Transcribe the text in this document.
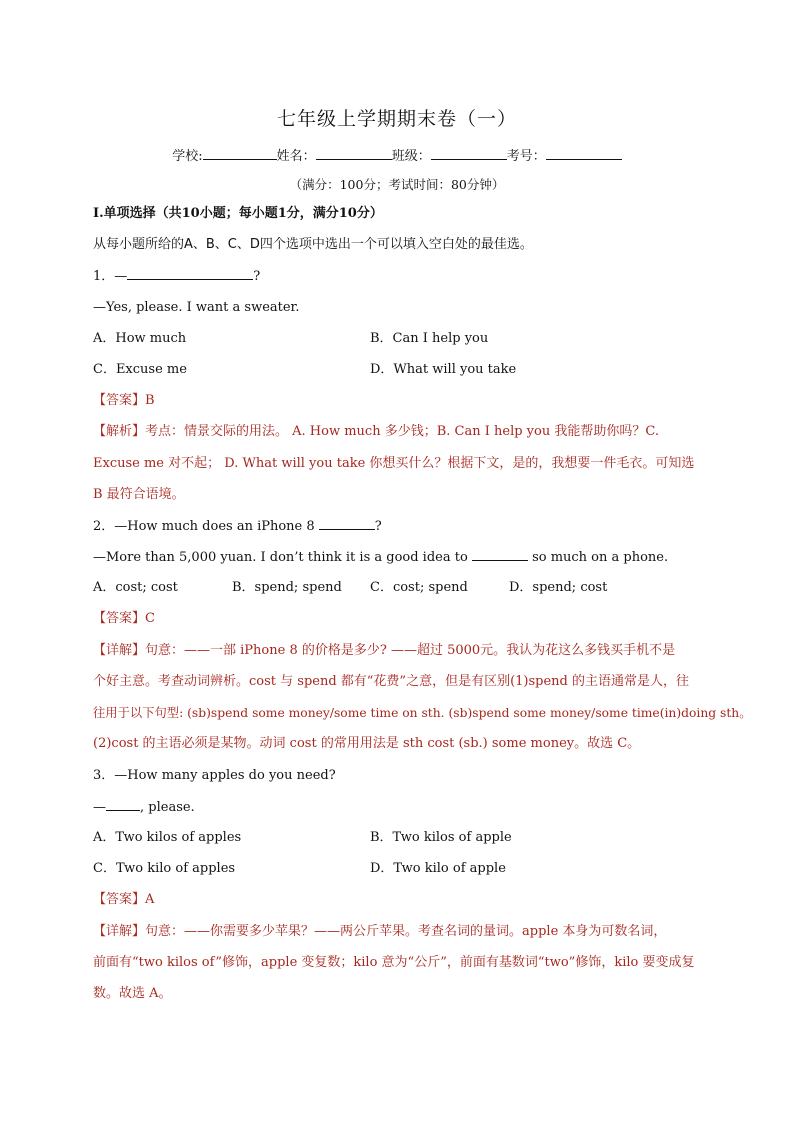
七年级上学期期末卷（一）
学校:	姓名：	班级：	考号：
（满分：100分；考试时间：80分钟）
I.单项选择（共10小题；每小题1分，满分10分）
从每小题所给的A、B、C、D四个选项中选出一个可以填入空白处的最佳选。
1．—	?
—Yes, please. I want a sweater.
A．How much	B．Can I help you
C．Excuse me	D．What will you take
【答案】B
【解析】考点：情景交际的用法。 A. How much 多少钱；B. Can I help you 我能帮助你吗？C.
Excuse me 对不起； D. What will you take 你想买什么？根据下文，是的，我想要一件毛衣。可知选
B 最符合语境。
2．—How much does an iPhone 8	?
—More than 5,000 yuan. I don’t think it is a good idea to	so much on a phone.
A．cost; cost	B．spend; spend C．cost; spend	D．spend; cost
【答案】C
【详解】句意：——一部 iPhone 8 的价格是多少? ——超过 5000元。我认为花这么多钱买手机不是
个好主意。考查动词辨析。cost 与 spend 都有“花费”之意，但是有区别(1)spend 的主语通常是人，往
往用于以下句型: (sb)spend some money/some time on sth. (sb)spend some money/some time(in)doing sth。
(2)cost 的主语必须是某物。动词 cost 的常用用法是 sth cost (sb.) some money。故选 C。
3．—How many apples do you need?
—	, please.
A．Two kilos of apples	B．Two kilos of apple
C．Two kilo of apples	D．Two kilo of apple
【答案】A
【详解】句意：——你需要多少苹果？——两公斤苹果。考查名词的量词。apple 本身为可数名词，
前面有“two kilos of”修饰，apple 变复数；kilo 意为“公斤”，前面有基数词“two”修饰，kilo 要变成复
数。故选 A。
